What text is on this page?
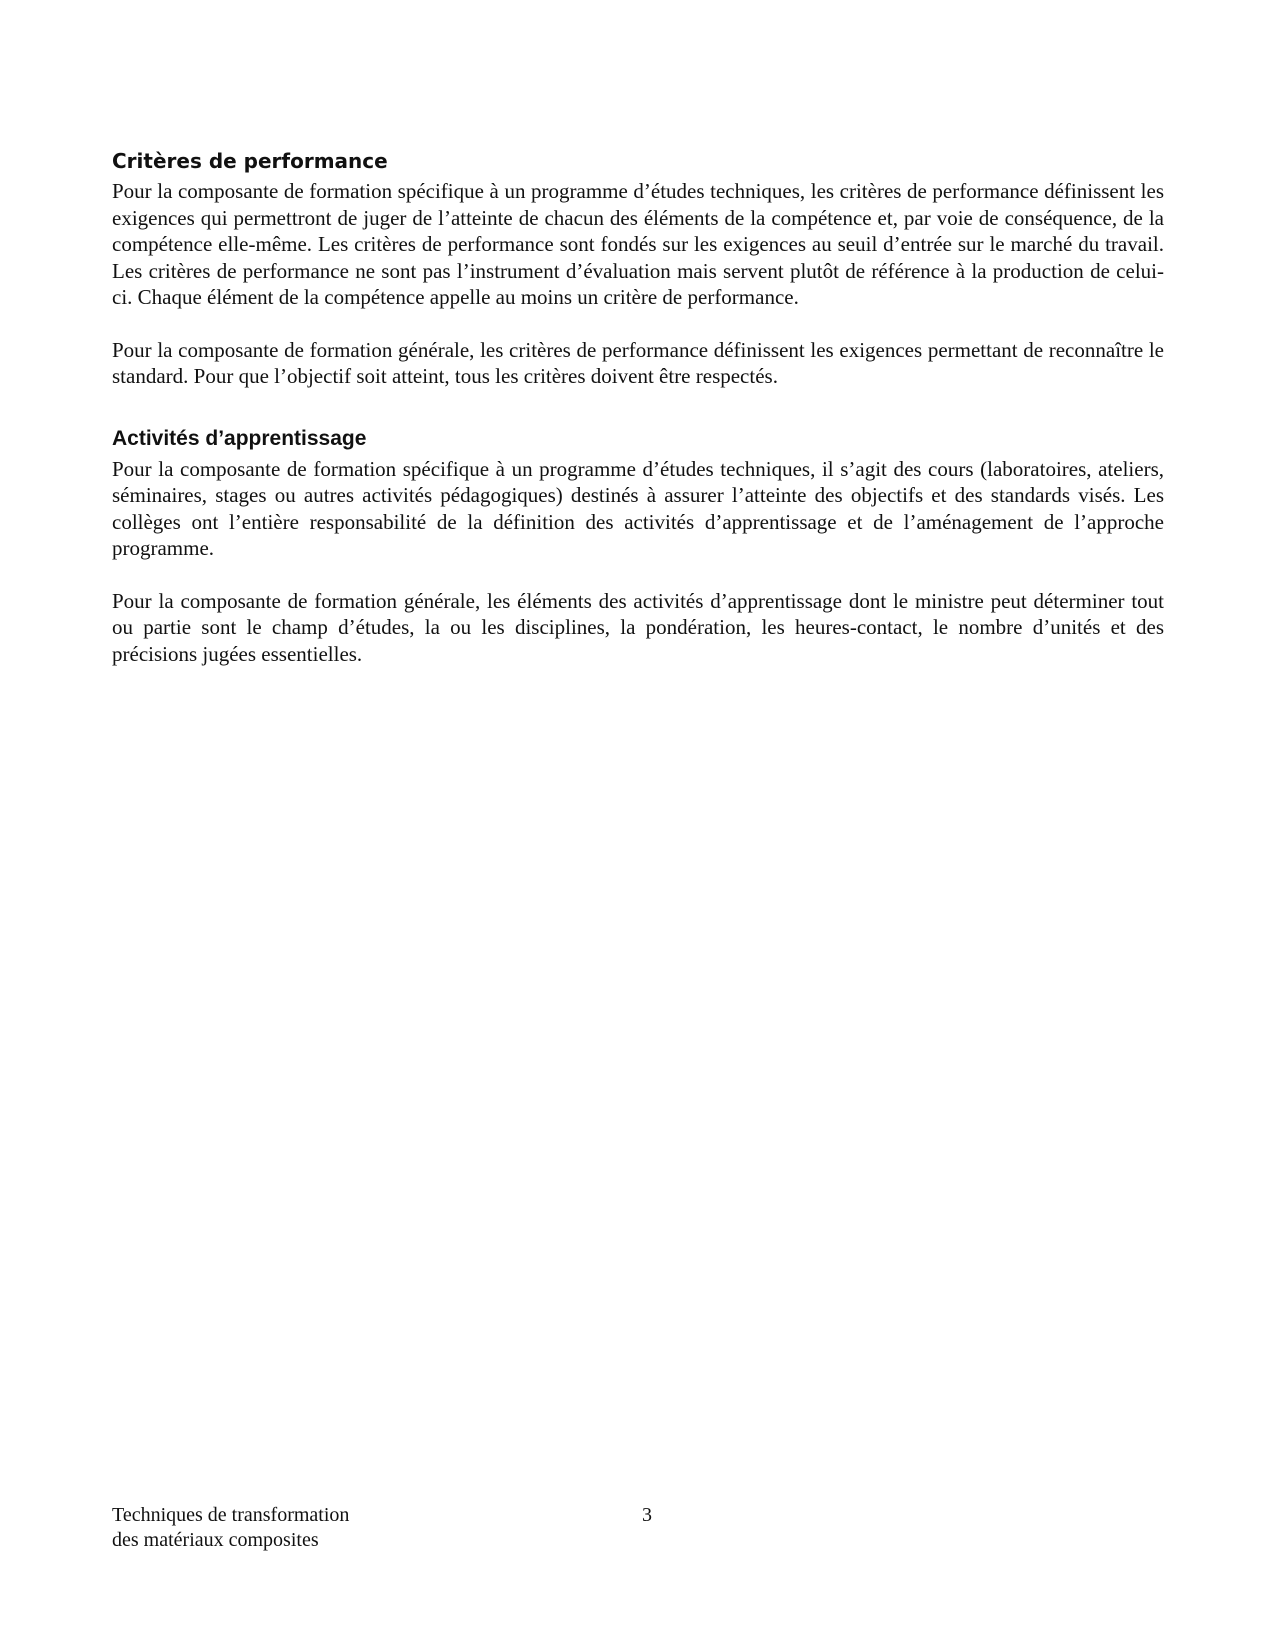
Critères de performance

Pour la composante de formation spécifique à un programme d’études techniques, les critères de performance définissent les exigences qui permettront de juger de l’atteinte de chacun des éléments de la compétence et, par voie de conséquence, de la compétence elle-même. Les critères de performance sont fondés sur les exigences au seuil d’entrée sur le marché du travail. Les critères de performance ne sont pas l’instrument d’évaluation mais servent plutôt de référence à la production de celui-ci. Chaque élément de la compétence appelle au moins un critère de performance.

Pour la composante de formation générale, les critères de performance définissent les exigences permettant de reconnaître le standard. Pour que l’objectif soit atteint, tous les critères doivent être respectés.

Activités d’apprentissage

Pour la composante de formation spécifique à un programme d’études techniques, il s’agit des cours (laboratoires, ateliers, séminaires, stages ou autres activités pédagogiques) destinés à assurer l’atteinte des objectifs et des standards visés. Les collèges ont l’entière responsabilité de la définition des activités d’apprentissage et de l’aménagement de l’approche programme.

Pour la composante de formation générale, les éléments des activités d’apprentissage dont le ministre peut déterminer tout ou partie sont le champ d’études, la ou les disciplines, la pondération, les heures-contact, le nombre d’unités et des précisions jugées essentielles.

Techniques de transformation
des matériaux composites
3
